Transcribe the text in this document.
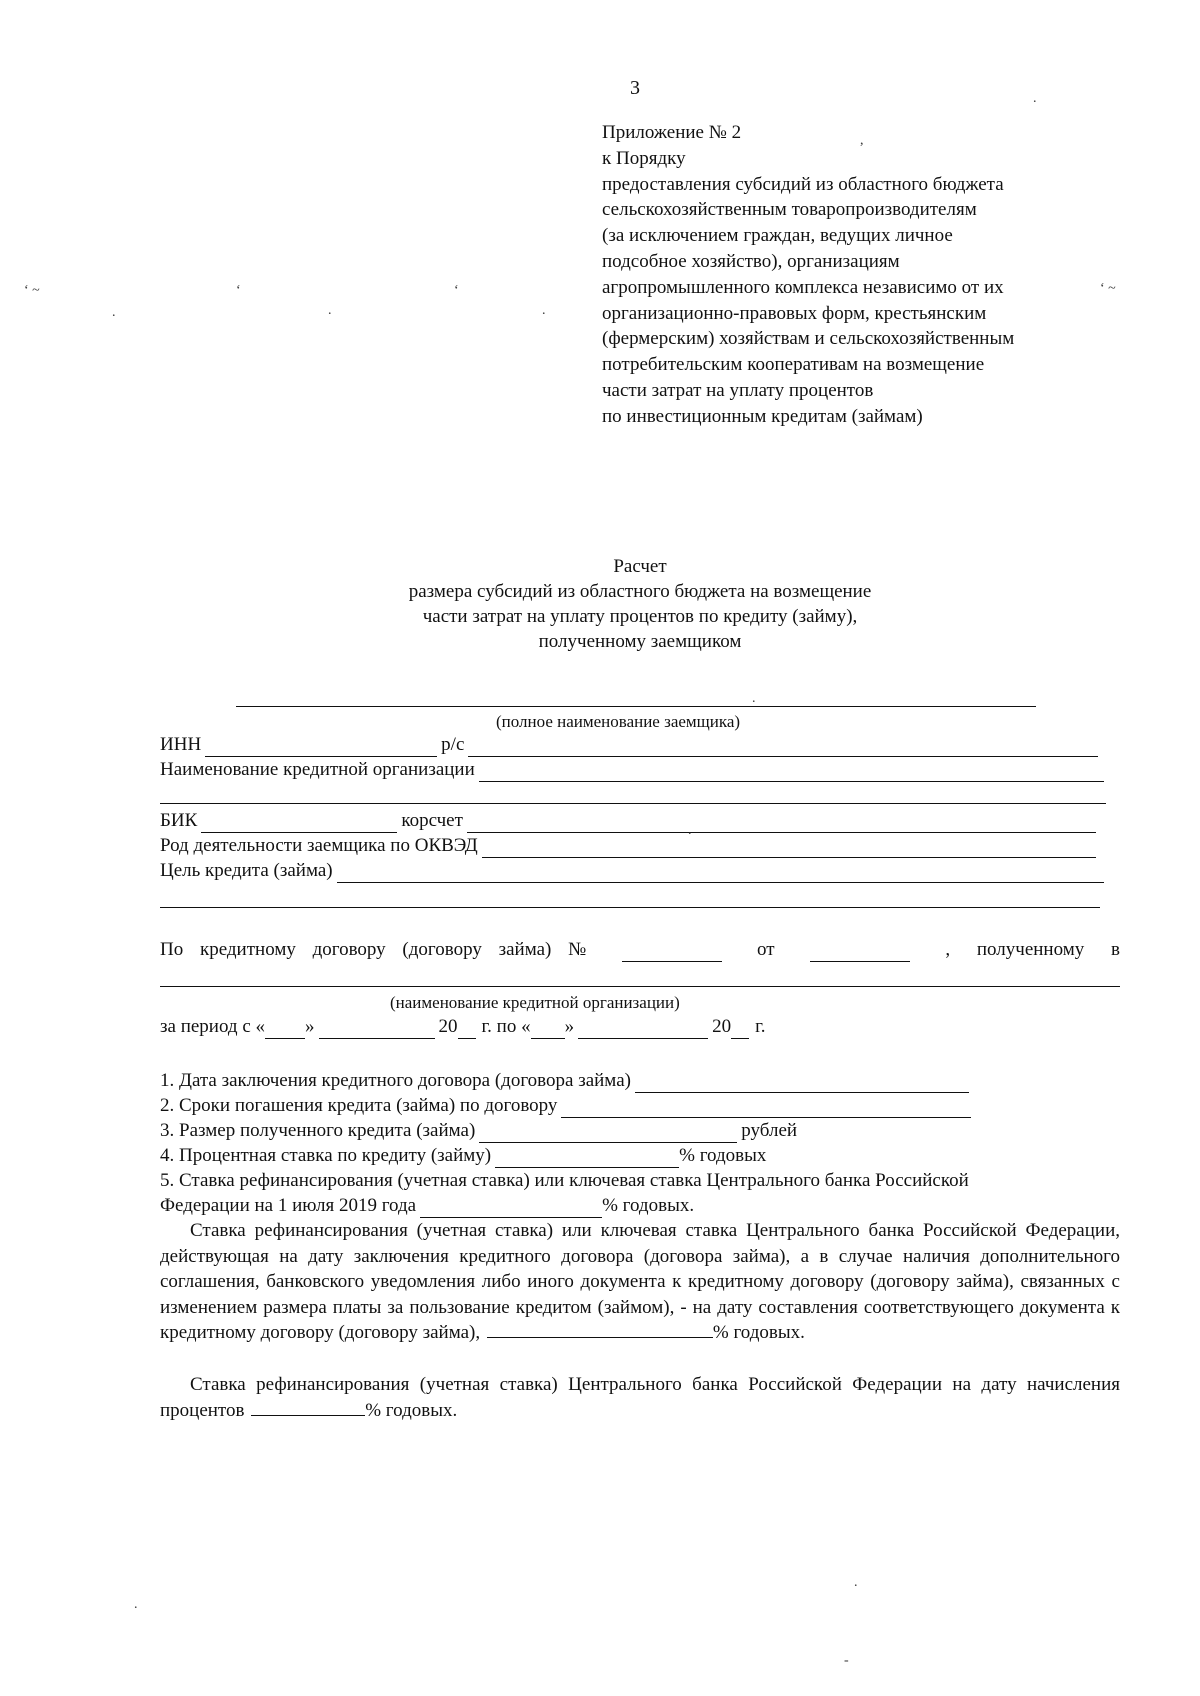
3
Приложение № 2
к Порядку
предоставления субсидий из областного бюджета
сельскохозяйственным товаропроизводителям
(за исключением граждан, ведущих личное
подсобное хозяйство), организациям
агропромышленного комплекса независимо от их
организационно-правовых форм, крестьянским
(фермерским) хозяйствам и сельскохозяйственным
потребительским кооперативам на возмещение
части затрат на уплату процентов
по инвестиционным кредитам (займам)
Расчет
размера субсидий из областного бюджета на возмещение
части затрат на уплату процентов по кредиту (займу),
полученному заемщиком
(полное наименование заемщика)
ИНН	р/с
Наименование кредитной организации
БИК	корсчет
Род деятельности заемщика по ОКВЭД
Цель кредита (займа)
По кредитному договору (договору займа) №	от	, полученному в
(наименование кредитной организации)
за период с « »	20 г. по « »	20 г.
1. Дата заключения кредитного договора (договора займа)
2. Сроки погашения кредита (займа) по договору
3. Размер полученного кредита (займа)	рублей
4. Процентная ставка по кредиту (займу)	% годовых
5. Ставка рефинансирования (учетная ставка) или ключевая ставка Центрального банка Российской
Федерации на 1 июля 2019 года	% годовых.
Ставка рефинансирования (учетная ставка) или ключевая ставка Центрального банка Российской Федерации, действующая на дату заключения кредитного договора (договора займа), а в случае наличия дополнительного соглашения, банковского уведомления либо иного документа к кредитному договору (договору займа), связанных с изменением размера платы за пользование кредитом (займом), - на дату составления соответствующего документа к кредитному договору (договору займа),	% годовых.
Ставка рефинансирования (учетная ставка) Центрального банка Российской Федерации на дату начисления процентов	% годовых.
.
,
‘ ~	‘	‘	‘ ~
.	.	.
.
.
.
.
-
